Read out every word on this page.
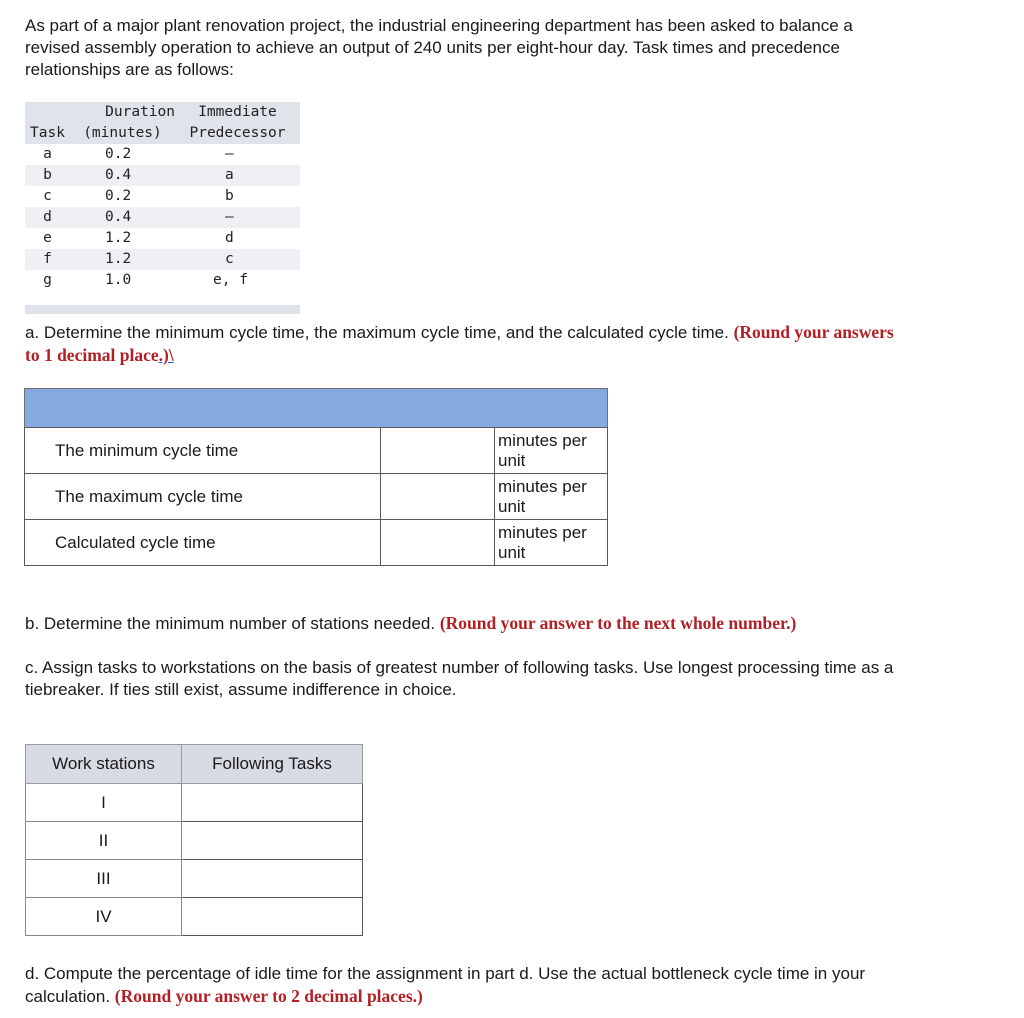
As part of a major plant renovation project, the industrial engineering department has been asked to balance a
revised assembly operation to achieve an output of 240 units per eight-hour day. Task times and precedence
relationships are as follows:

	Duration	Immediate
Task	(minutes)	Predecessor
a	0.2	–
b	0.4	a
c	0.2	b
d	0.4	–
e	1.2	d
f	1.2	c
g	1.0	e, f

a. Determine the minimum cycle time, the maximum cycle time, and the calculated cycle time. (Round your answers
to 1 decimal place.)\

The minimum cycle time		minutes per
unit
The maximum cycle time		minutes per
unit
Calculated cycle time		minutes per
unit

b. Determine the minimum number of stations needed. (Round your answer to the next whole number.)

c. Assign tasks to workstations on the basis of greatest number of following tasks. Use longest processing time as a
tiebreaker. If ties still exist, assume indifference in choice.

Work stations	Following Tasks
I	
II	
III	
IV	

d. Compute the percentage of idle time for the assignment in part d. Use the actual bottleneck cycle time in your
calculation. (Round your answer to 2 decimal places.)
